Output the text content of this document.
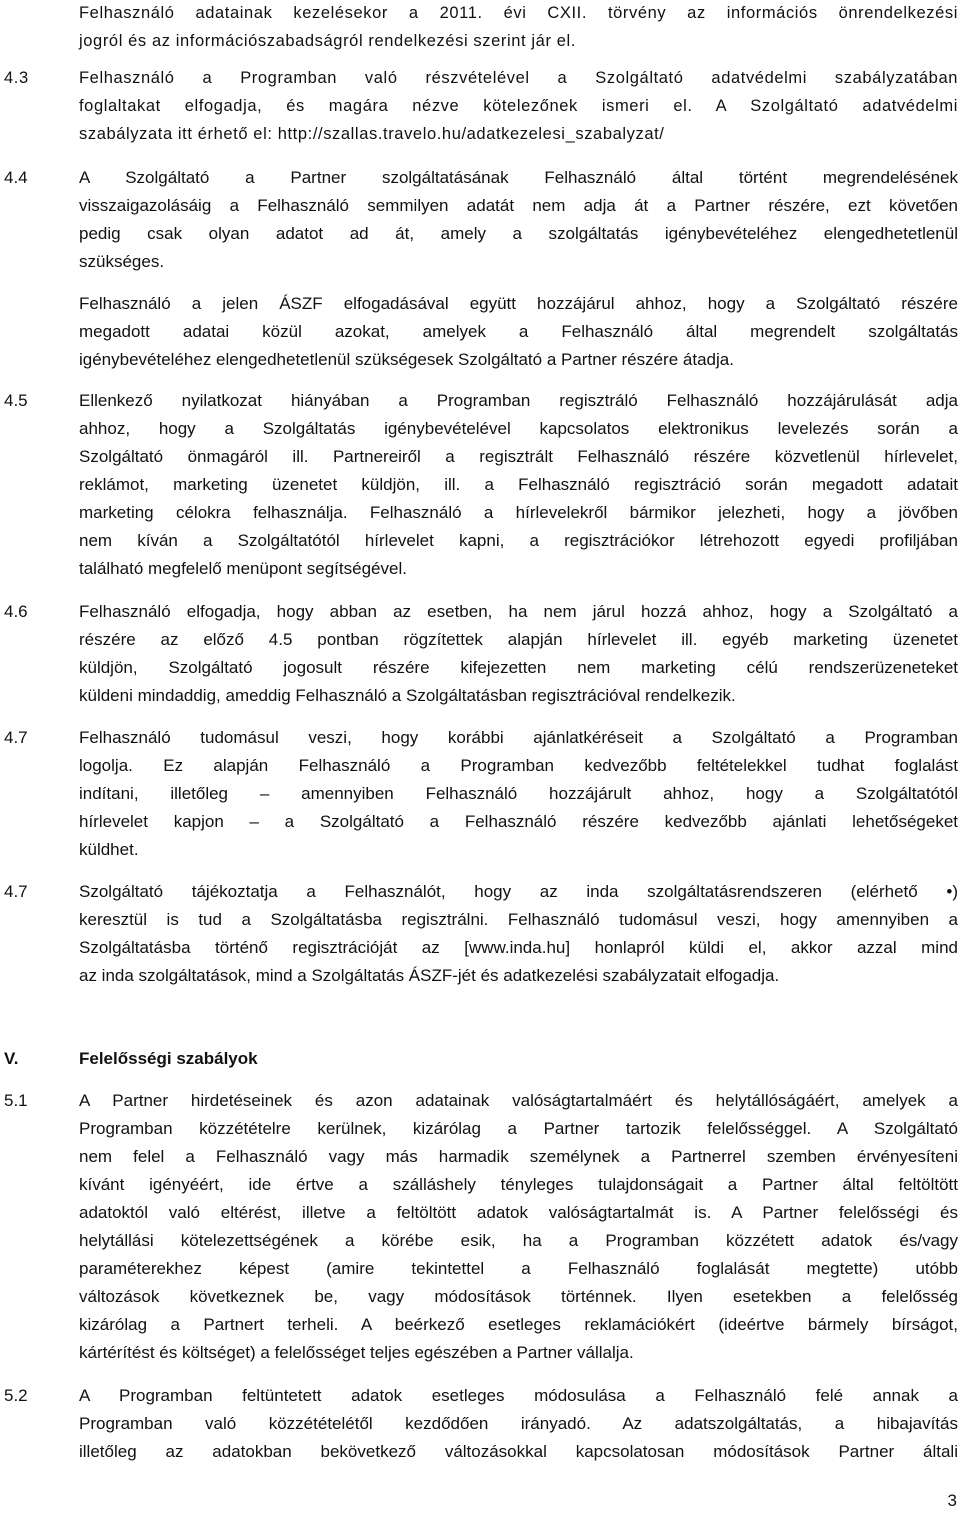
Felhasználó adatainak kezelésekor a 2011. évi CXII. törvény az információs önrendelkezési
jogról és az információszabadságról rendelkezési szerint jár el.
4.3	Felhasználó a Programban való részvételével a Szolgáltató adatvédelmi szabályzatában
foglaltakat elfogadja, és magára nézve kötelezőnek ismeri el. A Szolgáltató adatvédelmi
szabályzata itt érhető el: http://szallas.travelo.hu/adatkezelesi_szabalyzat/
4.4	A Szolgáltató a Partner szolgáltatásának Felhasználó által történt megrendelésének
visszaigazolásáig a Felhasználó semmilyen adatát nem adja át a Partner részére, ezt követően
pedig csak olyan adatot ad át, amely a szolgáltatás igénybevételéhez elengedhetetlenül
szükséges.
Felhasználó a jelen ÁSZF elfogadásával együtt hozzájárul ahhoz, hogy a Szolgáltató részére
megadott adatai közül azokat, amelyek a Felhasználó által megrendelt szolgáltatás
igénybevételéhez elengedhetetlenül szükségesek Szolgáltató a Partner részére átadja.
4.5	Ellenkező nyilatkozat hiányában a Programban regisztráló Felhasználó hozzájárulását adja
ahhoz, hogy a Szolgáltatás igénybevételével kapcsolatos elektronikus levelezés során a
Szolgáltató önmagáról ill. Partnereiről a regisztrált Felhasználó részére közvetlenül hírlevelet,
reklámot, marketing üzenetet küldjön, ill. a Felhasználó regisztráció során megadott adatait
marketing célokra felhasználja. Felhasználó a hírlevelekről bármikor jelezheti, hogy a jövőben
nem kíván a Szolgáltatótól hírlevelet kapni, a regisztrációkor létrehozott egyedi profiljában
található megfelelő menüpont segítségével.
4.6	Felhasználó elfogadja, hogy abban az esetben, ha nem járul hozzá ahhoz, hogy a Szolgáltató a
részére az előző 4.5 pontban rögzítettek alapján hírlevelet ill. egyéb marketing üzenetet
küldjön, Szolgáltató jogosult részére kifejezetten nem marketing célú rendszerüzeneteket
küldeni mindaddig, ameddig Felhasználó a Szolgáltatásban regisztrációval rendelkezik.
4.7	Felhasználó tudomásul veszi, hogy korábbi ajánlatkéréseit a Szolgáltató a Programban
logolja. Ez alapján Felhasználó a Programban kedvezőbb feltételekkel tudhat foglalást
indítani, illetőleg – amennyiben Felhasználó hozzájárult ahhoz, hogy a Szolgáltatótól
hírlevelet kapjon – a Szolgáltató a Felhasználó részére kedvezőbb ajánlati lehetőségeket
küldhet.
4.7	Szolgáltató tájékoztatja a Felhasználót, hogy az inda szolgáltatásrendszeren (elérhető •)
keresztül is tud a Szolgáltatásba regisztrálni. Felhasználó tudomásul veszi, hogy amennyiben a
Szolgáltatásba történő regisztrációját az [www.inda.hu] honlapról küldi el, akkor azzal mind
az inda szolgáltatások, mind a Szolgáltatás ÁSZF-jét és adatkezelési szabályzatait elfogadja.
V.	Felelősségi szabályok
5.1	A Partner hirdetéseinek és azon adatainak valóságtartalmáért és helytállóságáért, amelyek a
Programban közzétételre kerülnek, kizárólag a Partner tartozik felelősséggel. A Szolgáltató
nem felel a Felhasználó vagy más harmadik személynek a Partnerrel szemben érvényesíteni
kívánt igényéért, ide értve a szálláshely tényleges tulajdonságait a Partner által feltöltött
adatoktól való eltérést, illetve a feltöltött adatok valóságtartalmát is. A Partner felelősségi és
helytállási kötelezettségének a körébe esik, ha a Programban közzétett adatok és/vagy
paraméterekhez képest (amire tekintettel a Felhasználó foglalását megtette) utóbb
változások következnek be, vagy módosítások történnek. Ilyen esetekben a felelősség
kizárólag a Partnert terheli. A beérkező esetleges reklamációkért (ideértve bármely bírságot,
kártérítést és költséget) a felelősséget teljes egészében a Partner vállalja.
5.2	A Programban feltüntetett adatok esetleges módosulása a Felhasználó felé annak a
Programban való közzétételétől kezdődően irányadó. Az adatszolgáltatás, a hibajavítás
illetőleg az adatokban bekövetkező változásokkal kapcsolatosan módosítások Partner általi
3
